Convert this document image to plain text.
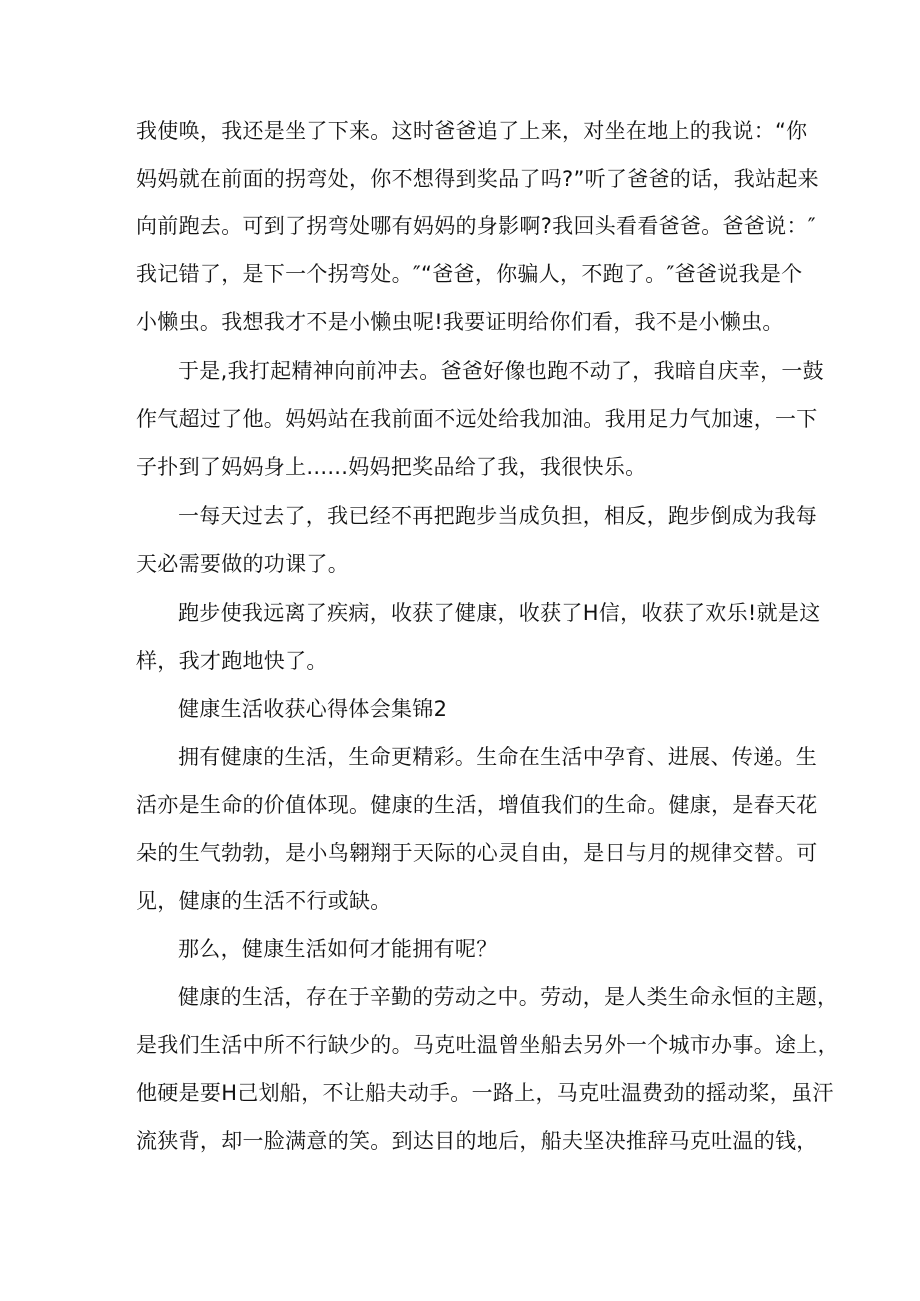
我使唤，我还是坐了下来。这时爸爸追了上来，对坐在地上的我说：“你
妈妈就在前面的拐弯处，你不想得到奖品了吗?”听了爸爸的话，我站起来
向前跑去。可到了拐弯处哪有妈妈的身影啊?我回头看看爸爸。爸爸说：″
我记错了，是下一个拐弯处。″“爸爸，你骗人，不跑了。″爸爸说我是个
小懒虫。我想我才不是小懒虫呢!我要证明给你们看，我不是小懒虫。
于是,我打起精神向前冲去。爸爸好像也跑不动了，我暗自庆幸，一鼓
作气超过了他。妈妈站在我前面不远处给我加油。我用足力气加速，一下
子扑到了妈妈身上......妈妈把奖品给了我，我很快乐。
一每天过去了，我已经不再把跑步当成负担，相反，跑步倒成为我每
天必需要做的功课了。
跑步使我远离了疾病，收获了健康，收获了H信，收获了欢乐!就是这
样，我才跑地快了。
健康生活收获心得体会集锦2
拥有健康的生活，生命更精彩。生命在生活中孕育、进展、传递。生
活亦是生命的价值体现。健康的生活，增值我们的生命。健康，是春天花
朵的生气勃勃，是小鸟翱翔于天际的心灵自由，是日与月的规律交替。可
见，健康的生活不行或缺。
那么，健康生活如何才能拥有呢？
健康的生活，存在于辛勤的劳动之中。劳动，是人类生命永恒的主题，
是我们生活中所不行缺少的。马克吐温曾坐船去另外一个城市办事。途上，
他硬是要H己划船，不让船夫动手。一路上，马克吐温费劲的摇动桨，虽汗
流狭背，却一脸满意的笑。到达目的地后，船夫坚决推辞马克吐温的钱，
